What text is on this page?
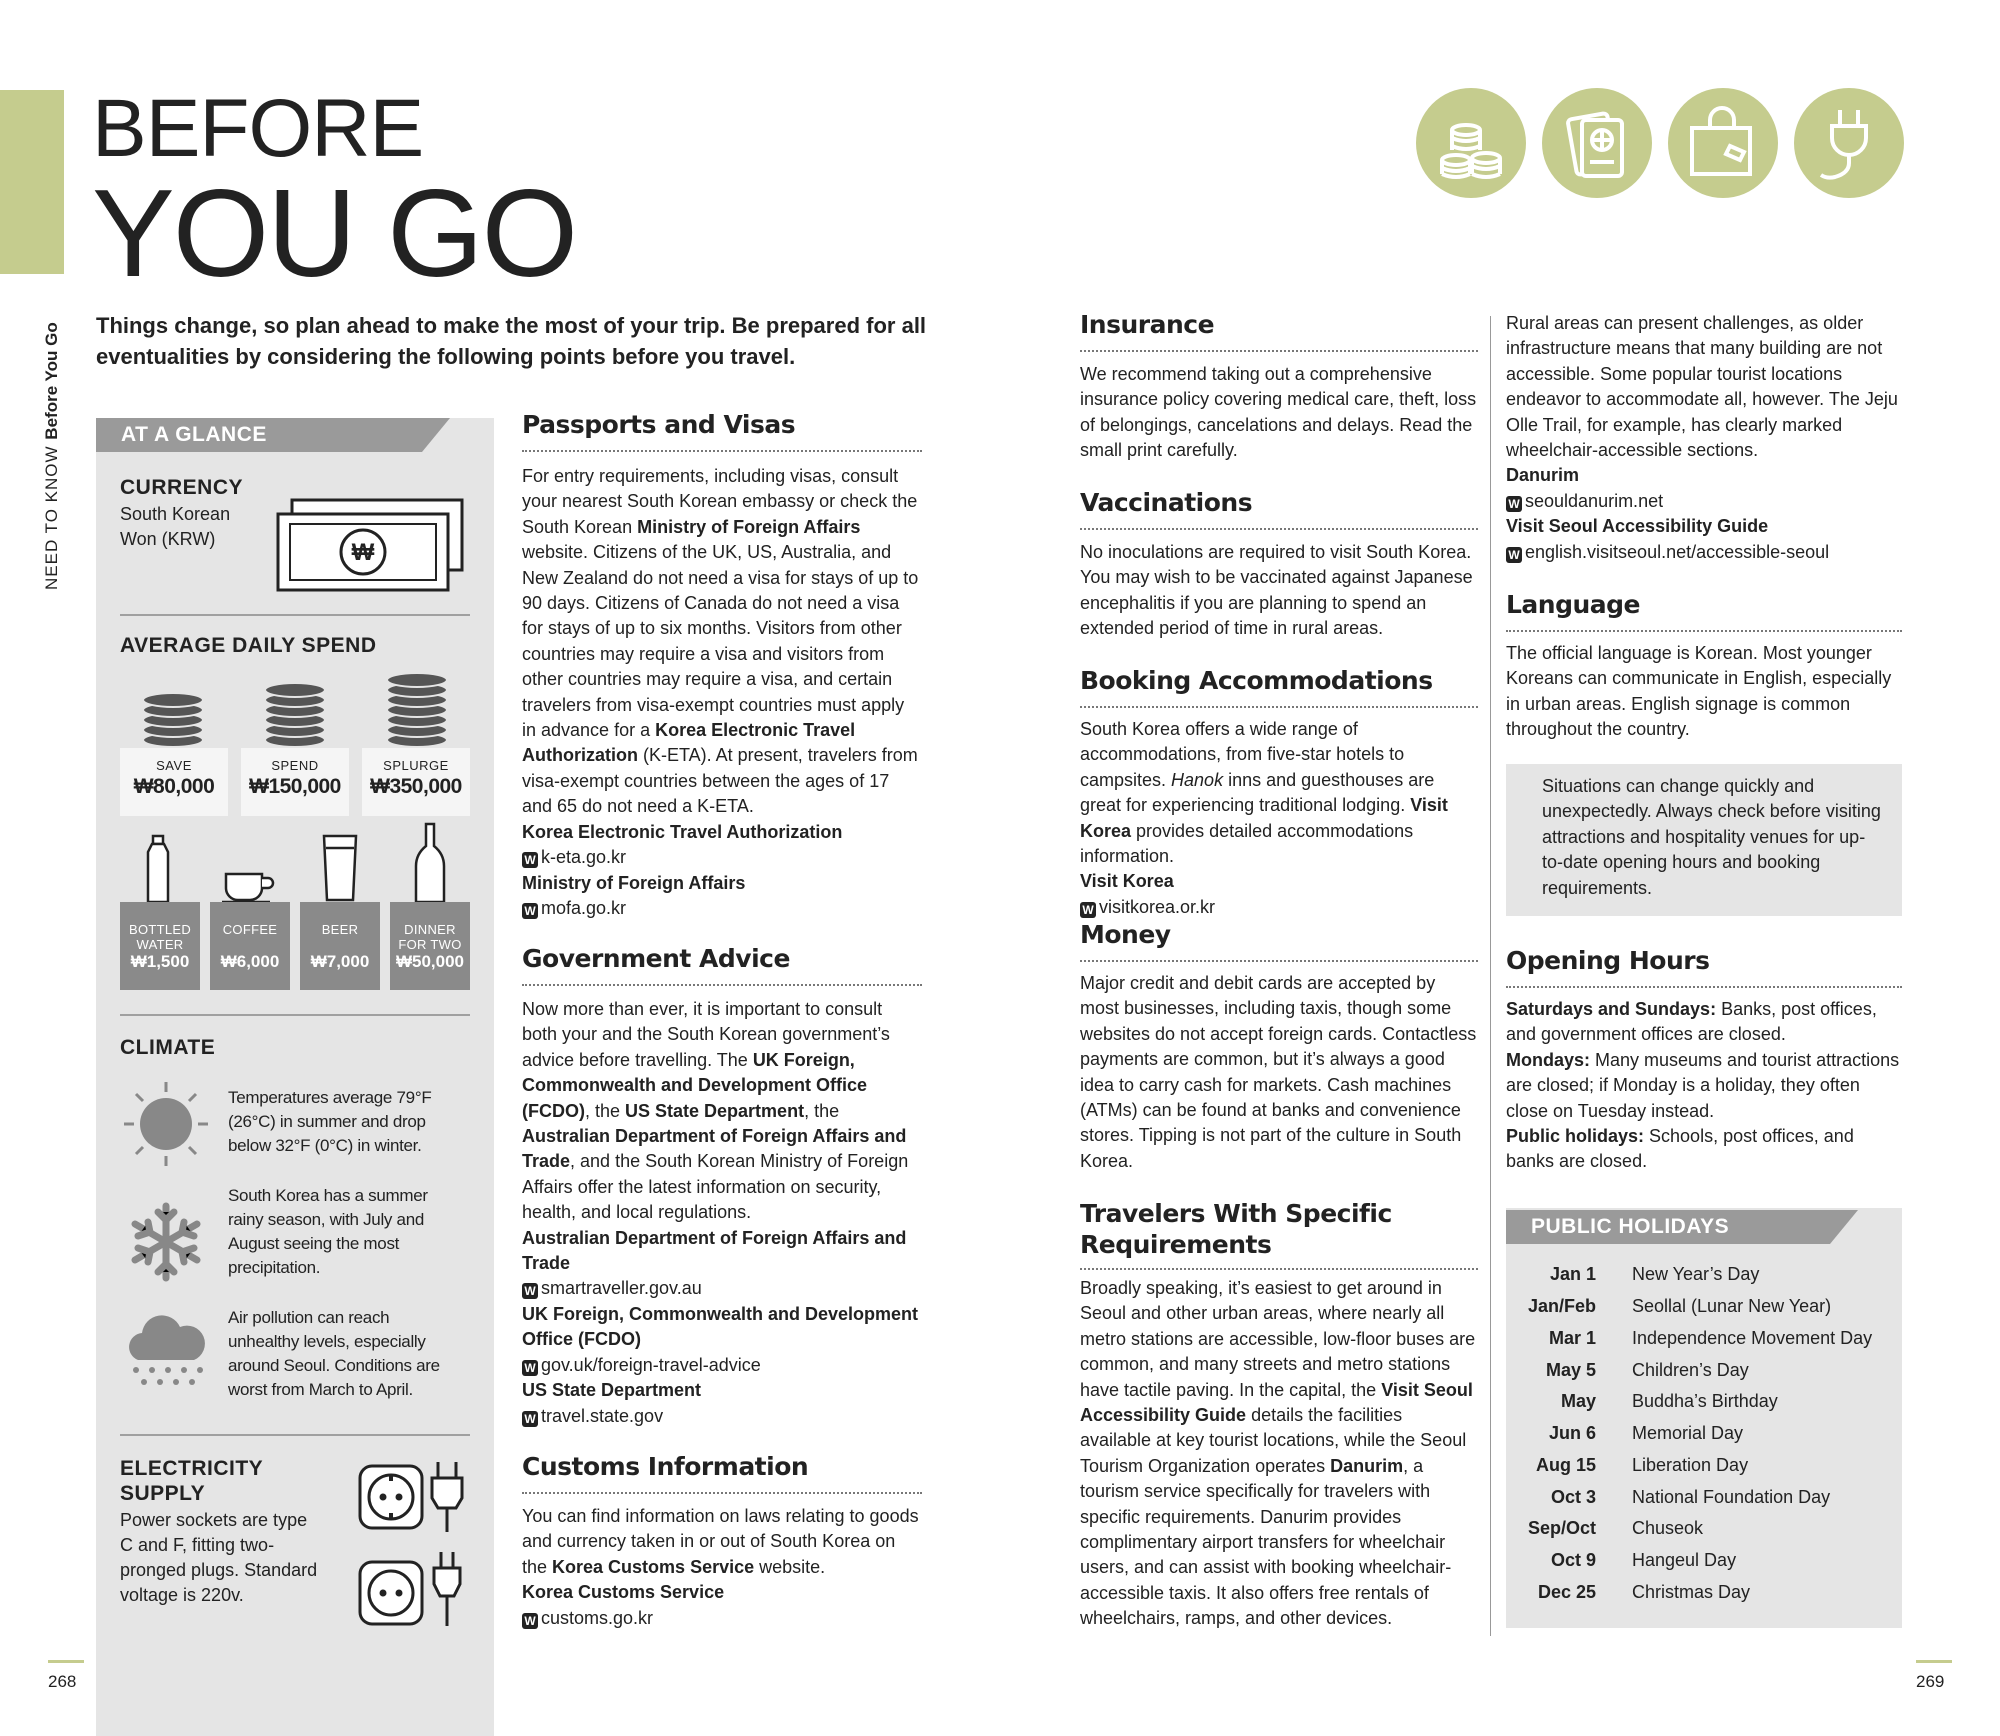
NEED TO KNOW Before You Go
BEFORE
YOU GO
Things change, so plan ahead to make the most of your trip. Be prepared for all eventualities by considering the following points before you travel.
AT A GLANCE
CURRENCY
South Korean Won (KRW)	₩
AVERAGE DAILY SPEND
SAVE
₩80,000
SPEND
₩150,000
SPLURGE
₩350,000
BOTTLED WATER
₩1,500
COFFEE
₩6,000
BEER
₩7,000
DINNER FOR TWO
₩50,000
CLIMATE
Temperatures average 79°F (26°C) in summer and drop below 32°F (0°C) in winter.
South Korea has a summer rainy season, with July and August seeing the most precipitation.
Air pollution can reach unhealthy levels, especially around Seoul. Conditions are worst from March to April.
ELECTRICITY SUPPLY
Power sockets are type C and F, fitting two-pronged plugs. Standard voltage is 220v.
Passports and Visas
For entry requirements, including visas, consult your nearest South Korean embassy or check the South Korean Ministry of Foreign Affairs website. Citizens of the UK, US, Australia, and New Zealand do not need a visa for stays of up to 90 days. Citizens of Canada do not need a visa for stays of up to six months. Visitors from other countries may require a visa and visitors from other countries may require a visa, and certain travelers from visa-exempt countries must apply in advance for a Korea Electronic Travel Authorization (K-ETA). At present, travelers from visa-exempt countries between the ages of 17 and 65 do not need a K-ETA.
Korea Electronic Travel Authorization
W k-eta.go.kr
Ministry of Foreign Affairs
W mofa.go.kr
Government Advice
Now more than ever, it is important to consult both your and the South Korean government’s advice before travelling. The UK Foreign, Commonwealth and Development Office (FCDO), the US State Department, the Australian Department of Foreign Affairs and Trade, and the South Korean Ministry of Foreign Affairs offer the latest information on security, health, and local regulations.
Australian Department of Foreign Affairs and Trade
W smartraveller.gov.au
UK Foreign, Commonwealth and Development Office (FCDO)
W gov.uk/foreign-travel-advice
US State Department
W travel.state.gov
Customs Information
You can find information on laws relating to goods and currency taken in or out of South Korea on the Korea Customs Service website.
Korea Customs Service
W customs.go.kr
Insurance
We recommend taking out a comprehensive insurance policy covering medical care, theft, loss of belongings, cancelations and delays. Read the small print carefully.
Vaccinations
No inoculations are required to visit South Korea. You may wish to be vaccinated against Japanese encephalitis if you are planning to spend an extended period of time in rural areas.
Booking Accommodations
South Korea offers a wide range of accommodations, from five-star hotels to campsites. Hanok inns and guesthouses are great for experiencing traditional lodging. Visit Korea provides detailed accommodations information.
Visit Korea
W visitkorea.or.kr
Money
Major credit and debit cards are accepted by most businesses, including taxis, though some websites do not accept foreign cards. Contactless payments are common, but it’s always a good idea to carry cash for markets. Cash machines (ATMs) can be found at banks and convenience stores. Tipping is not part of the culture in South Korea.
Travelers With Specific Requirements
Broadly speaking, it’s easiest to get around in Seoul and other urban areas, where nearly all metro stations are accessible, low-floor buses are common, and many streets and metro stations have tactile paving. In the capital, the Visit Seoul Accessibility Guide details the facilities available at key tourist locations, while the Seoul Tourism Organization operates Danurim, a tourism service specifically for travelers with specific requirements. Danurim provides complimentary airport transfers for wheelchair users, and can assist with booking wheelchair-accessible taxis. It also offers free rentals of wheelchairs, ramps, and other devices.
Rural areas can present challenges, as older infrastructure means that many building are not accessible. Some popular tourist locations endeavor to accommodate all, however. The Jeju Olle Trail, for example, has clearly marked wheelchair-accessible sections.
Danurim
W seouldanurim.net
Visit Seoul Accessibility Guide
W english.visitseoul.net/accessible-seoul
Language
The official language is Korean. Most younger Koreans can communicate in English, especially in urban areas. English signage is common throughout the country.
Situations can change quickly and unexpectedly. Always check before visiting attractions and hospitality venues for up-to-date opening hours and booking requirements.
Opening Hours
Saturdays and Sundays: Banks, post offices, and government offices are closed.
Mondays: Many museums and tourist attractions are closed; if Monday is a holiday, they often close on Tuesday instead.
Public holidays: Schools, post offices, and banks are closed.
PUBLIC HOLIDAYS
Jan 1 New Year’s Day
Jan/Feb Seollal (Lunar New Year)
Mar 1 Independence Movement Day
May 5 Children’s Day
May Buddha’s Birthday
Jun 6 Memorial Day
Aug 15 Liberation Day
Oct 3 National Foundation Day
Sep/Oct Chuseok
Oct 9 Hangeul Day
Dec 25 Christmas Day
268	269
